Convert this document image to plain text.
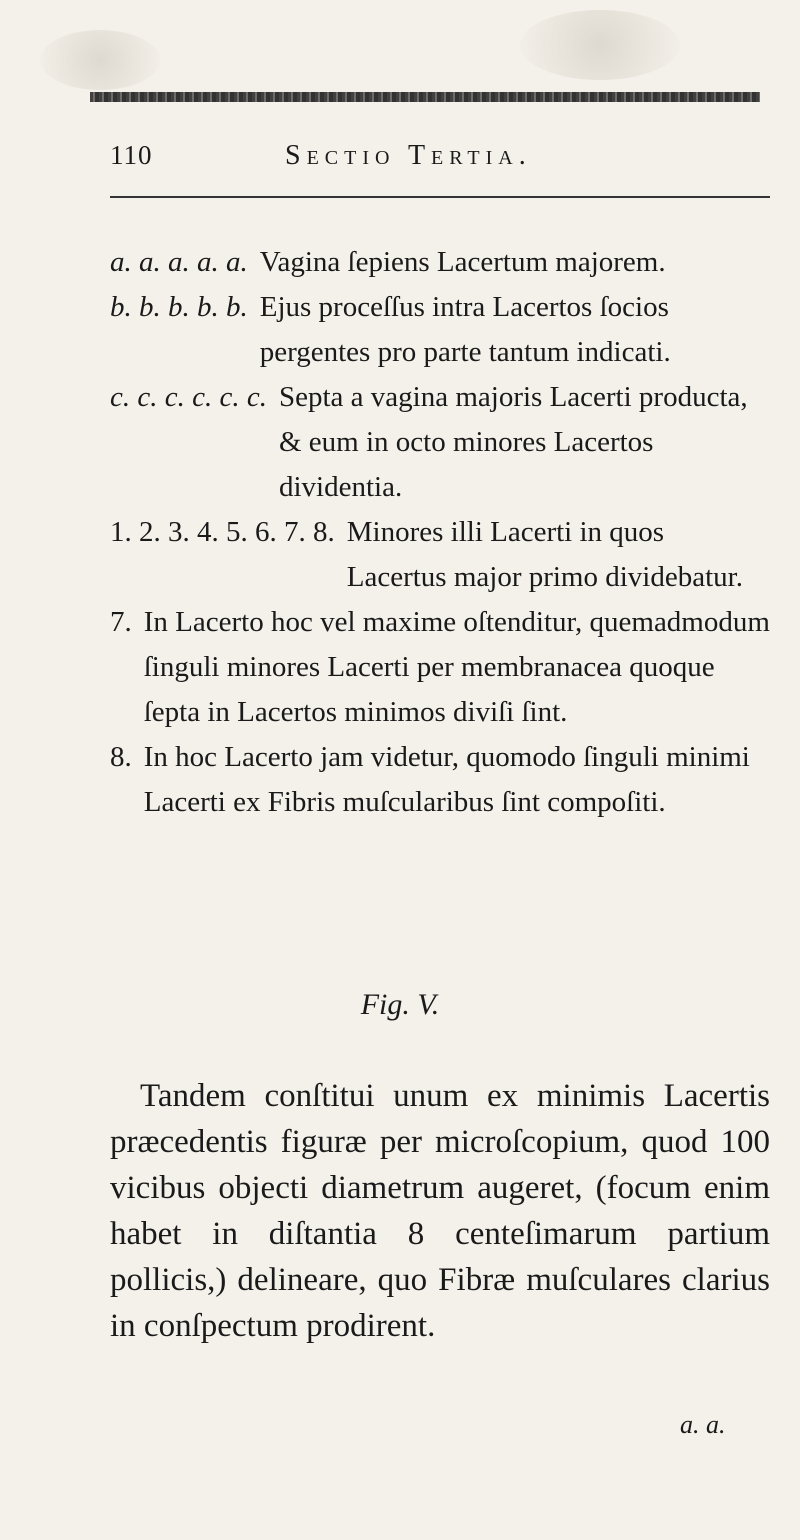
110	Sectio Tertia.

a. a. a. a. a. Vagina ſepiens Lacertum majorem.

b. b. b. b. b. Ejus proceſſus intra Lacertos ſocios pergentes pro parte tantum indicati.

c. c. c. c. c. c. Septa a vagina majoris Lacerti producta, & eum in octo minores Lacertos dividentia.

1. 2. 3. 4. 5. 6. 7. 8. Minores illi Lacerti in quos Lacertus major primo dividebatur.

7. In Lacerto hoc vel maxime oſtenditur, quemadmodum ſinguli minores Lacerti per membranacea quoque ſepta in Lacertos minimos diviſi ſint.

8. In hoc Lacerto jam videtur, quomodo ſinguli minimi Lacerti ex Fibris muſcularibus ſint compoſiti.

Fig. V.

Tandem conſtitui unum ex minimis Lacertis præcedentis figuræ per microſcopium, quod 100 vicibus objecti diametrum augeret, (focum enim habet in diſtantia 8 centeſimarum partium pollicis,) delineare, quo Fibræ muſculares clarius in conſpectum prodirent.

a. a.
